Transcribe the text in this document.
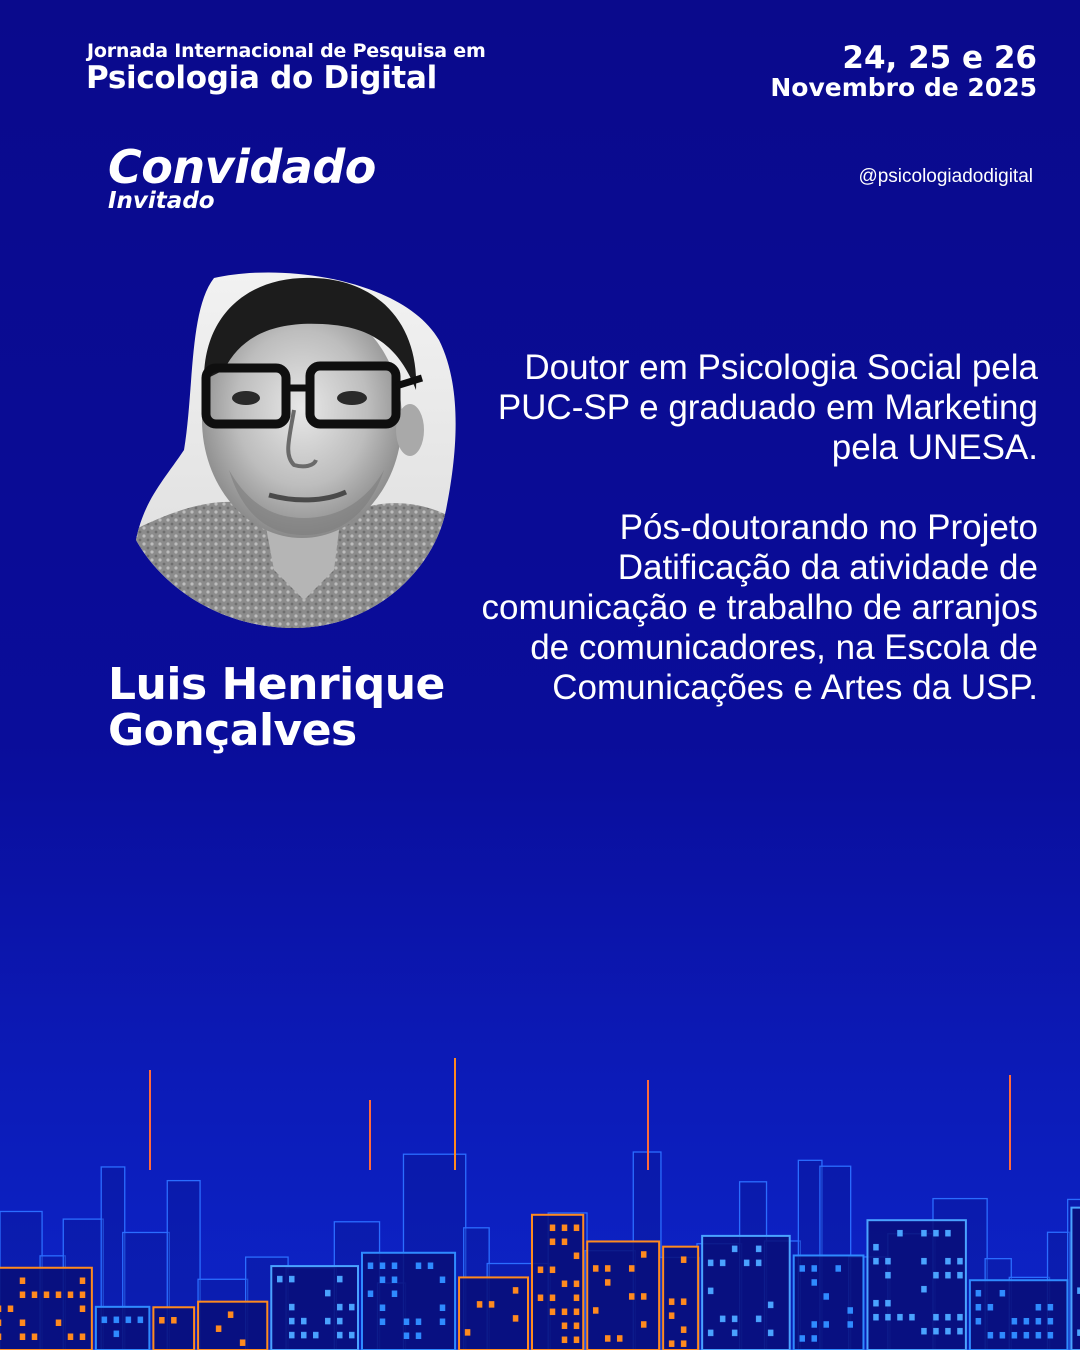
Jornada Internacional de Pesquisa em
Psicologia do Digital
24, 25 e 26
Novembro de 2025
Convidado
Invitado
@psicologiadodigital
Luis Henrique
Gonçalves

Doutor em Psicologia Social pela PUC-SP e graduado em Marketing pela UNESA.

Pós-doutorando no Projeto Datificação da atividade de comunicação e trabalho de arranjos de comunicadores, na Escola de Comunicações e Artes da USP.
